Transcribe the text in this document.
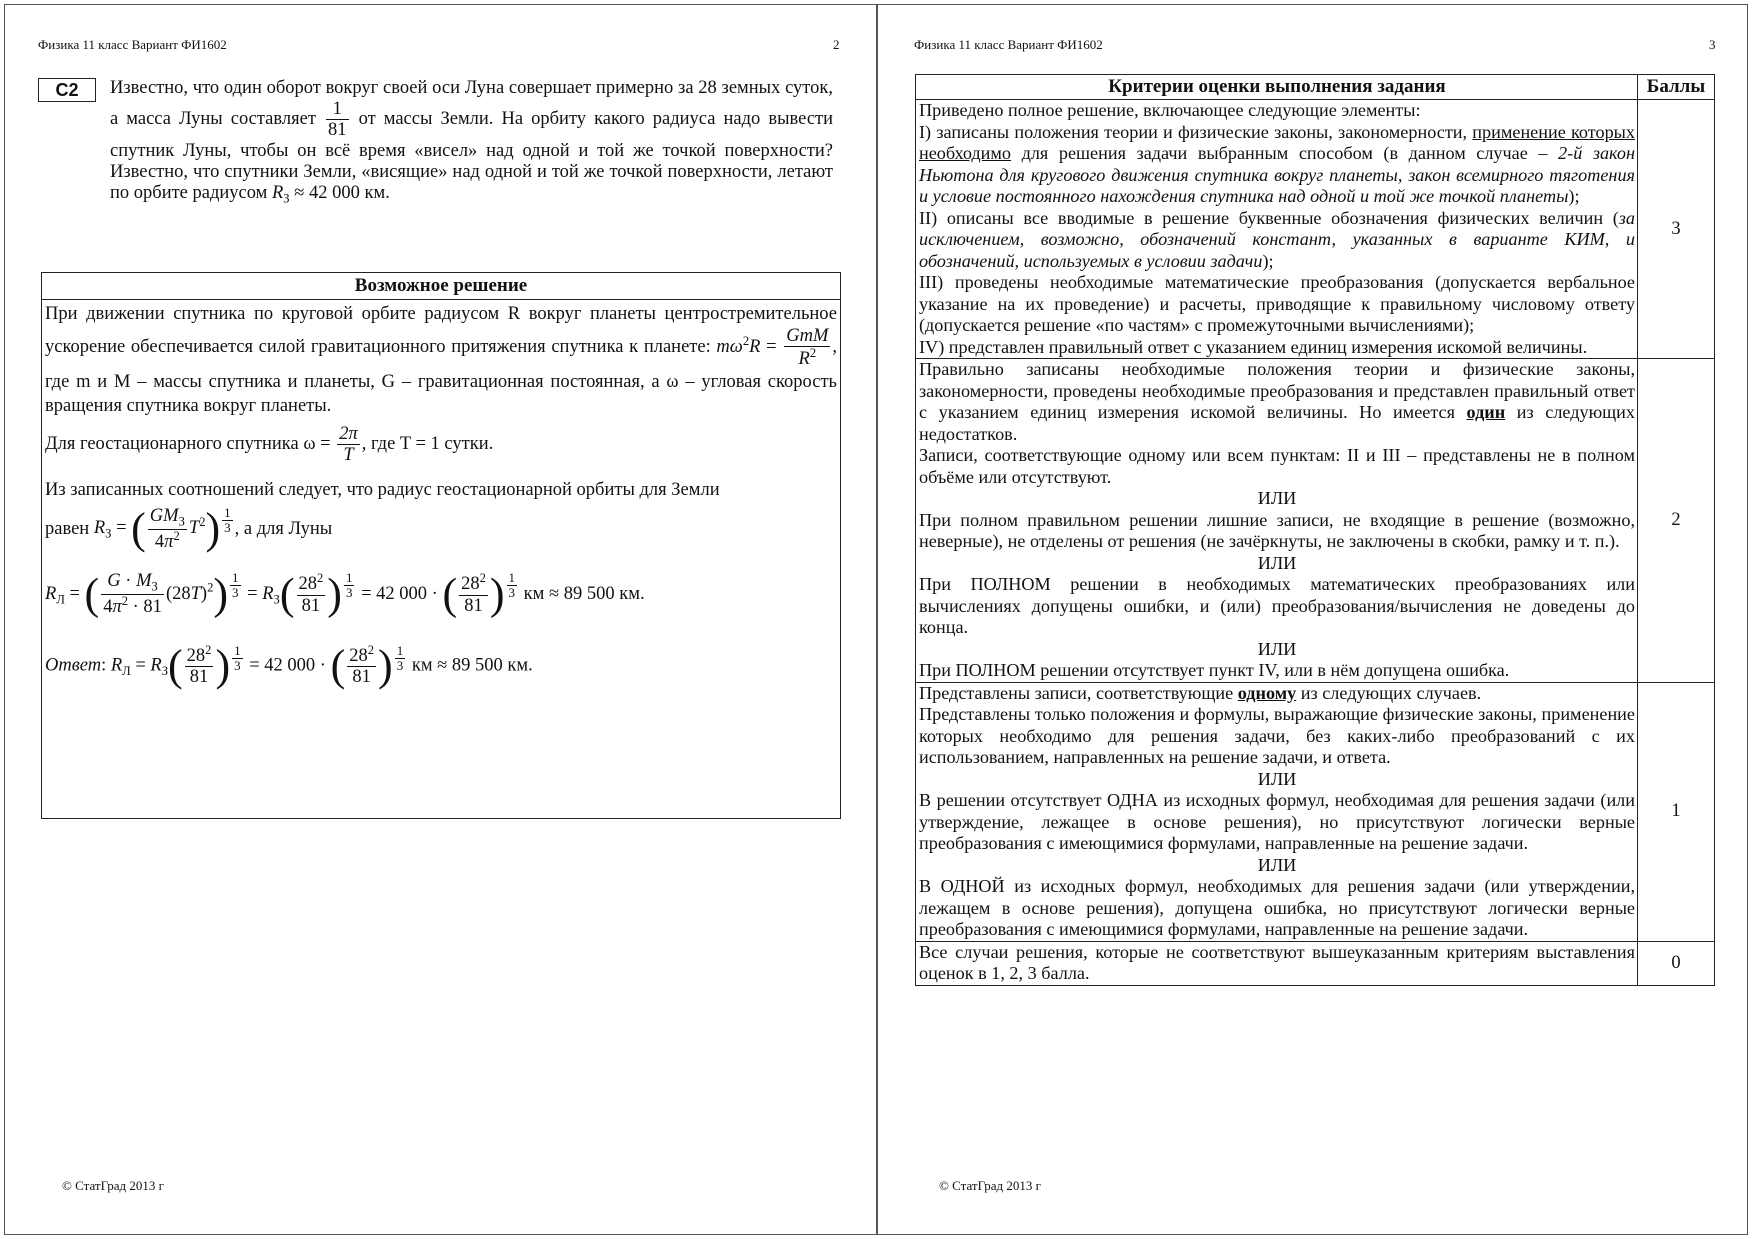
Физика 11 класс Вариант ФИ1602	2
С2	Известно, что один оборот вокруг своей оси Луна совершает примерно за 28 земных суток, а масса Луны составляет $\frac{1}{81}$ от массы Земли. На орбиту какого радиуса надо вывести спутник Луны, чтобы он всё время «висел» над одной и той же точкой поверхности? Известно, что спутники Земли, «висящие» над одной и той же точкой поверхности, летают по орбите радиусом $R_З \approx 42$ 000 км.
Возможное решение

При движении спутника по круговой орбите радиусом R вокруг планеты центростремительное ускорение обеспечивается силой гравитационного притяжения спутника к планете: $m\omega^2R = \frac{\text{GmM}}{R^2}$ , где m и M – массы спутника и планеты, G – гравитационная постоянная, а ω – угловая скорость вращения спутника вокруг планеты.

Для геостационарного спутника $\omega = \frac{2\pi}{T}$ , где T = 1 сутки.

Из записанных соотношений следует, что радиус геостационарной орбиты для Земли

равен $R_З$ = ( $\frac{GM_З}{4\pi^2} T^2) \frac{1}{3}$ , а для Луны

$R_Л$ = ( $\frac{G \cdot M_З}{4\pi^2 \cdot 81} (28T)^2) \frac{1}{3} = R_З( \frac{28^2}{81}$ ) $\frac{1}{3} = 42$ 000 · ( $\frac{28^2}{81}$ ) $\frac{1}{3}$ км ≈ 89 500 км.

Ответ: $R_Л = R_З( \frac{28^2}{81}$ ) $\frac{1}{3} = 42$ 000 · ( $\frac{28^2}{81}$ ) $\frac{1}{3}$ км ≈ 89 500 км.

© СтатГрад 2013 г
Физика 11 класс Вариант ФИ1602	3
Критерии оценки выполнения задания	Баллы

Приведено полное решение, включающее следующие элементы:

I) записаны положения теории и физические законы, закономерности, применение которых необходимо для решения задачи выбранным способом (в данном случае – 2-й закон Ньютона для кругового движения спутника вокруг планеты, закон всемирного тяготения и условие постоянного нахождения спутника над одной и той же точкой планеты);

II) описаны все вводимые в решение буквенные обозначения физических величин (за исключением, возможно, обозначений констант, указанных в варианте КИМ, и обозначений, используемых в условии задачи);

III) проведены необходимые математические преобразования (допускается вербальное указание на их проведение) и расчеты, приводящие к правильному числовому ответу (допускается решение «по частям» с промежуточными вычислениями);

IV) представлен правильный ответ с указанием единиц измерения искомой величины.

3

Правильно записаны необходимые положения теории и физические законы, закономерности, проведены необходимые преобразования и представлен правильный ответ с указанием единиц измерения искомой величины. Но имеется один из следующих недостатков.

Записи, соответствующие одному или всем пунктам: II и III – представлены не в полном объёме или отсутствуют.

ИЛИ

При полном правильном решении лишние записи, не входящие в решение (возможно, неверные), не отделены от решения (не зачёркнуты, не заключены в скобки, рамку и т. п.).

ИЛИ

При ПОЛНОМ решении в необходимых математических преобразованиях или вычислениях допущены ошибки, и (или) преобразования/вычисления не доведены до конца.

ИЛИ

При ПОЛНОМ решении отсутствует пункт IV, или в нём допущена ошибка.

2

Представлены записи, соответствующие одному из следующих случаев.

Представлены только положения и формулы, выражающие физические законы, применение которых необходимо для решения задачи, без каких-либо преобразований с их использованием, направленных на решение задачи, и ответа.

ИЛИ

В решении отсутствует ОДНА из исходных формул, необходимая для решения задачи (или утверждение, лежащее в основе решения), но присутствуют логически верные преобразования с имеющимися формулами, направленные на решение задачи.

ИЛИ

В ОДНОЙ из исходных формул, необходимых для решения задачи (или утверждении, лежащем в основе решения), допущена ошибка, но присутствуют логически верные преобразования с имеющимися формулами, направленные на решение задачи.

1

Все случаи решения, которые не соответствуют вышеуказанным критериям выставления оценок в 1, 2, 3 балла.

0
© СтатГрад 2013 г
